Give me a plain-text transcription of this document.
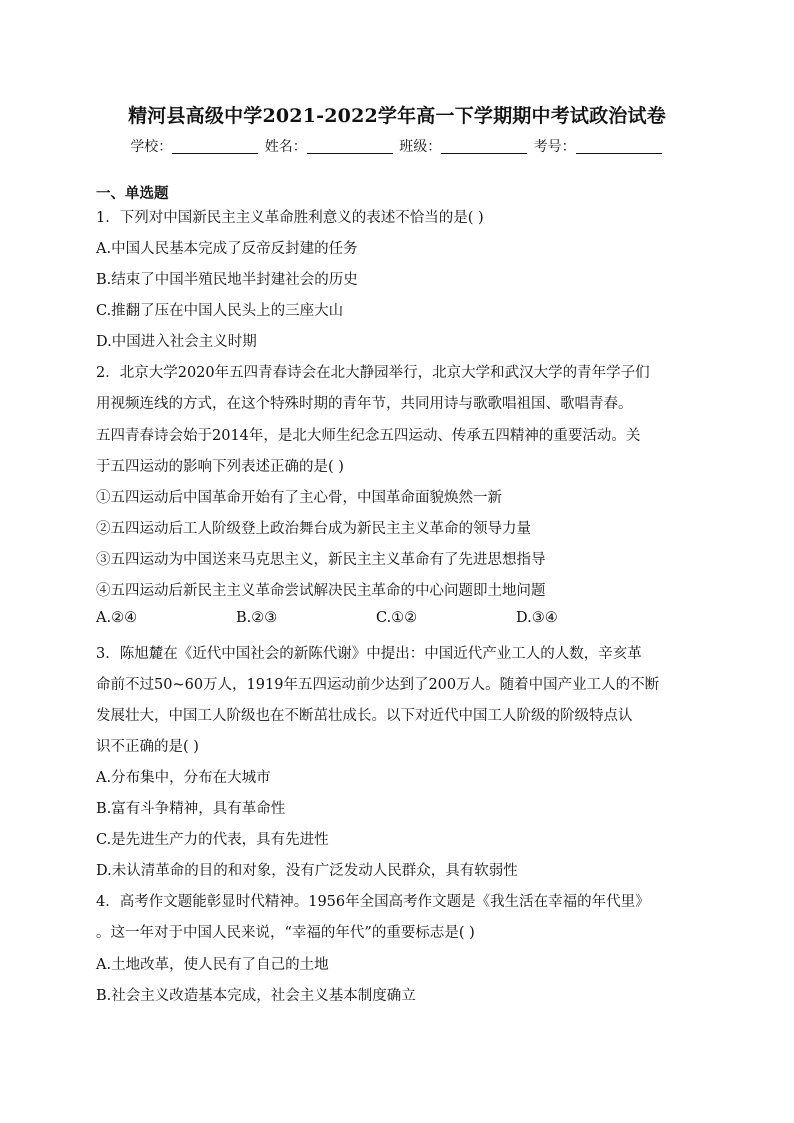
精河县高级中学2021-2022学年高一下学期期中考试政治试卷
学校：	姓名：	班级：	考号：
一、单选题
1．下列对中国新民主主义革命胜利意义的表述不恰当的是( )
A.中国人民基本完成了反帝反封建的任务
B.结束了中国半殖民地半封建社会的历史
C.推翻了压在中国人民头上的三座大山
D.中国进入社会主义时期
2．北京大学2020年五四青春诗会在北大静园举行，北京大学和武汉大学的青年学子们
用视频连线的方式，在这个特殊时期的青年节，共同用诗与歌歌唱祖国、歌唱青春。
五四青春诗会始于2014年，是北大师生纪念五四运动、传承五四精神的重要活动。关
于五四运动的影响下列表述正确的是( )
①五四运动后中国革命开始有了主心骨，中国革命面貌焕然一新
②五四运动后工人阶级登上政治舞台成为新民主主义革命的领导力量
③五四运动为中国送来马克思主义，新民主主义革命有了先进思想指导
④五四运动后新民主主义革命尝试解决民主革命的中心问题即土地问题
A.②④	B.②③	C.①②	D.③④
3．陈旭麓在《近代中国社会的新陈代谢》中提出：中国近代产业工人的人数，辛亥革
命前不过50~60万人，1919年五四运动前少达到了200万人。随着中国产业工人的不断
发展壮大，中国工人阶级也在不断茁壮成长。以下对近代中国工人阶级的阶级特点认
识不正确的是( )
A.分布集中，分布在大城市
B.富有斗争精神，具有革命性
C.是先进生产力的代表，具有先进性
D.未认清革命的目的和对象，没有广泛发动人民群众，具有软弱性
4．高考作文题能彰显时代精神。1956年全国高考作文题是《我生活在幸福的年代里》
。这一年对于中国人民来说，“幸福的年代”的重要标志是( )
A.土地改革，使人民有了自己的土地
B.社会主义改造基本完成，社会主义基本制度确立
